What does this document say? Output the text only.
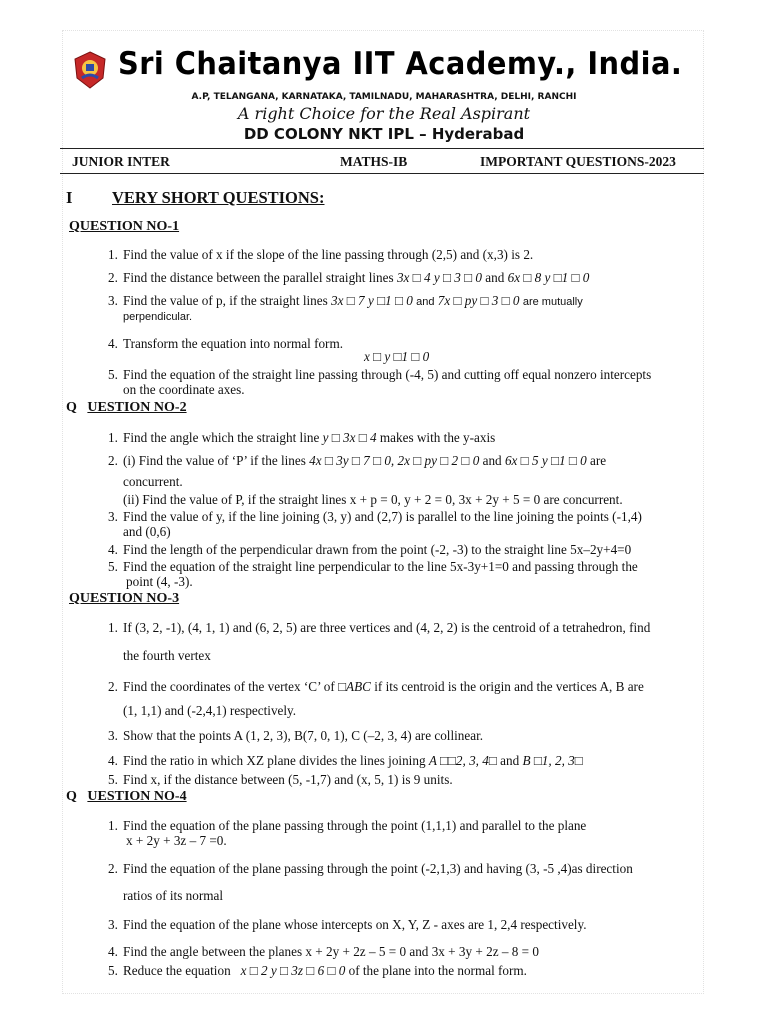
Sri Chaitanya IIT Academy., India.
A.P, TELANGANA, KARNATAKA, TAMILNADU, MAHARASHTRA, DELHI, RANCHI
A right Choice for the Real Aspirant
DD COLONY NKT IPL – Hyderabad
JUNIOR INTER	MATHS-IB	IMPORTANT QUESTIONS-2023
I VERY SHORT QUESTIONS:
QUESTION NO-1
1. Find the value of x if the slope of the line passing through (2,5) and (x,3) is 2.
2. Find the distance between the parallel straight lines 3x □ 4 y □ 3 □ 0 and 6x □ 8 y □1 □ 0
3. Find the value of p, if the straight lines 3x □ 7 y □1 □ 0 and 7x □ py □ 3 □ 0 are mutually
perpendicular.
4. Transform the equation into normal form.
x □ y □1 □ 0
5. Find the equation of the straight line passing through (-4, 5) and cutting off equal nonzero intercepts
on the coordinate axes.
Q UESTION NO-2
1. Find the angle which the straight line y □ 3x □ 4 makes with the y-axis
2. (i) Find the value of ‘P’ if the lines 4x □ 3y □ 7 □ 0, 2x □ py □ 2 □ 0 and 6x □ 5 y □1 □ 0 are
concurrent.
(ii) Find the value of P, if the straight lines x + p = 0, y + 2 = 0, 3x + 2y + 5 = 0 are concurrent.
3. Find the value of y, if the line joining (3, y) and (2,7) is parallel to the line joining the points (-1,4)
and (0,6)
4. Find the length of the perpendicular drawn from the point (-2, -3) to the straight line 5x–2y+4=0
5. Find the equation of the straight line perpendicular to the line 5x-3y+1=0 and passing through the
point (4, -3).
QUESTION NO-3
1. If (3, 2, -1), (4, 1, 1) and (6, 2, 5) are three vertices and (4, 2, 2) is the centroid of a tetrahedron, find
the fourth vertex
2. Find the coordinates of the vertex ‘C’ of □ABC if its centroid is the origin and the vertices A, B are
(1, 1,1) and (-2,4,1) respectively.
3. Show that the points A (1, 2, 3), B(7, 0, 1), C (–2, 3, 4) are collinear.
4. Find the ratio in which XZ plane divides the lines joining A □□2, 3, 4□ and B □1, 2, 3□
5. Find x, if the distance between (5, -1,7) and (x, 5, 1) is 9 units.
Q UESTION NO-4
1. Find the equation of the plane passing through the point (1,1,1) and parallel to the plane
x + 2y + 3z – 7 =0.
2. Find the equation of the plane passing through the point (-2,1,3) and having (3, -5 ,4)as direction
ratios of its normal
3. Find the equation of the plane whose intercepts on X, Y, Z - axes are 1, 2,4 respectively.
4. Find the angle between the planes x + 2y + 2z – 5 = 0 and 3x + 3y + 2z – 8 = 0
5. Reduce the equation x □ 2 y □ 3z □ 6 □ 0 of the plane into the normal form.
